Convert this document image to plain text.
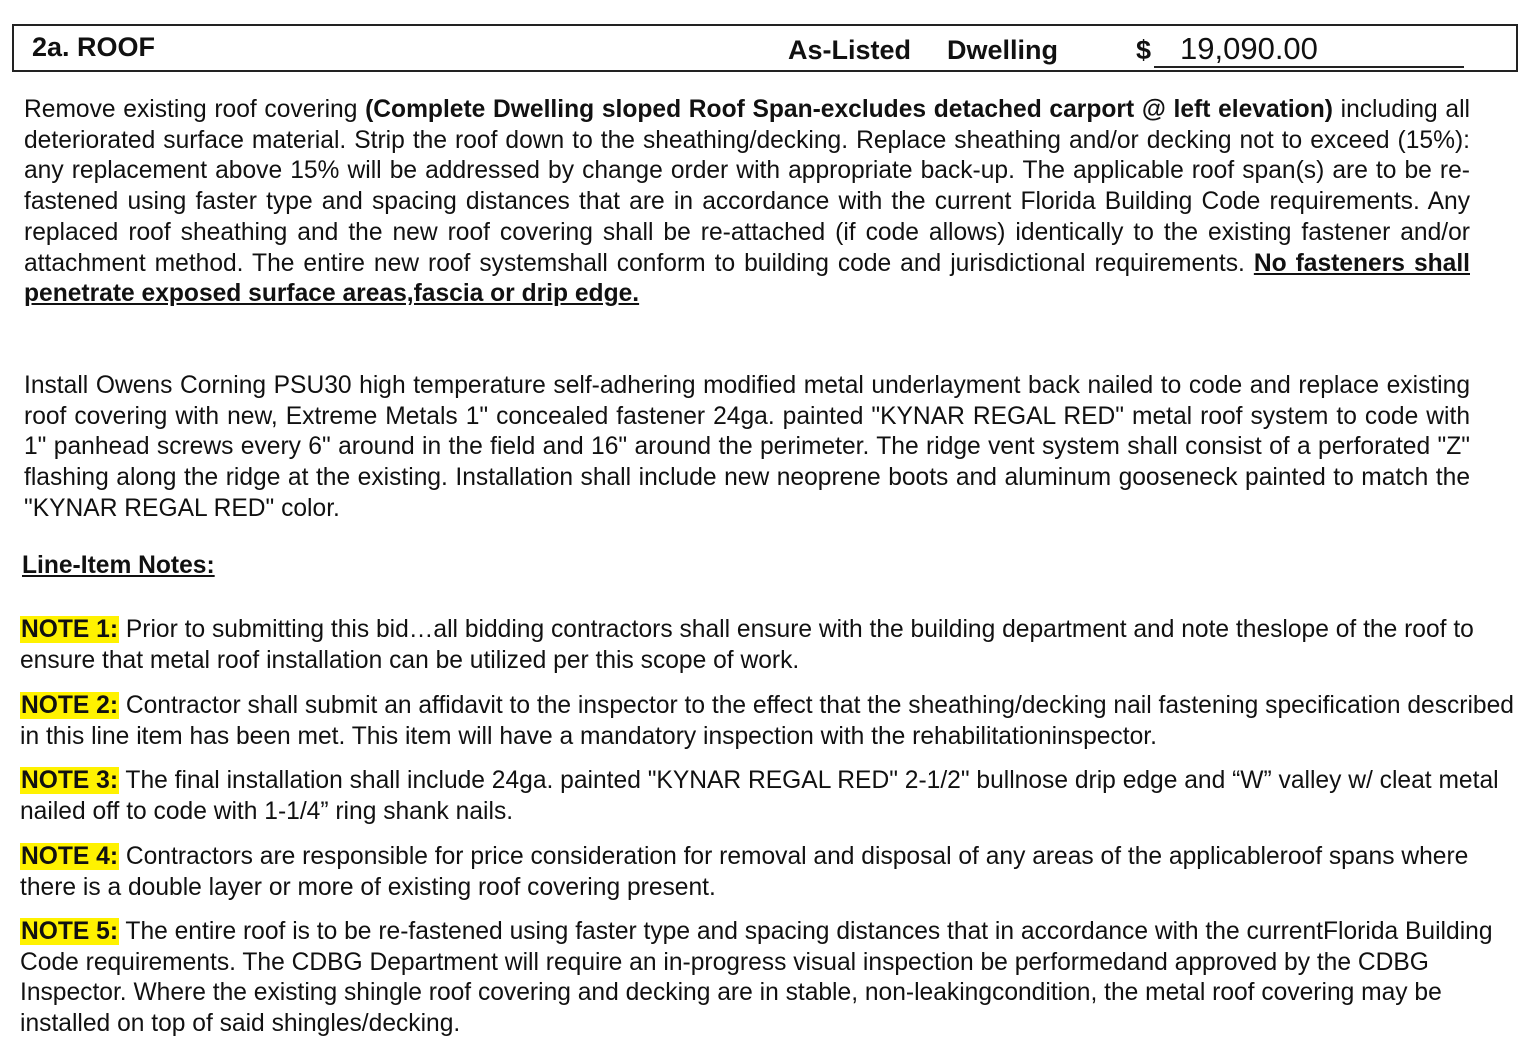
2a. ROOF	As-Listed Dwelling	$ 19,090.00

Remove existing roof covering (Complete Dwelling sloped Roof Span-excludes detached carport @ left elevation) including all deteriorated surface material. Strip the roof down to the sheathing/decking. Replace sheathing and/or decking not to exceed (15%): any replacement above 15% will be addressed by change order with appropriate back-up. The applicable roof span(s) are to be re-fastened using faster type and spacing distances that are in accordance with the current Florida Building Code requirements. Any replaced roof sheathing and the new roof covering shall be re-attached (if code allows) identically to the existing fastener and/or attachment method. The entire new roof systemshall conform to building code and jurisdictional requirements. No fasteners shall penetrate exposed surface areas,fascia or drip edge.

Install Owens Corning PSU30 high temperature self-adhering modified metal underlayment back nailed to code and replace existing roof covering with new, Extreme Metals 1" concealed fastener 24ga. painted "KYNAR REGAL RED" metal roof system to code with 1" panhead screws every 6" around in the field and 16" around the perimeter. The ridge vent system shall consist of a perforated "Z" flashing along the ridge at the existing. Installation shall include new neoprene boots and aluminum gooseneck painted to match the "KYNAR REGAL RED" color.

Line-Item Notes:

NOTE 1: Prior to submitting this bid…all bidding contractors shall ensure with the building department and note theslope of the roof to ensure that metal roof installation can be utilized per this scope of work.

NOTE 2: Contractor shall submit an affidavit to the inspector to the effect that the sheathing/decking nail fastening specification described in this line item has been met. This item will have a mandatory inspection with the rehabilitationinspector.

NOTE 3: The final installation shall include 24ga. painted "KYNAR REGAL RED" 2-1/2" bullnose drip edge and “W” valley w/ cleat metal nailed off to code with 1-1/4” ring shank nails.

NOTE 4: Contractors are responsible for price consideration for removal and disposal of any areas of the applicableroof spans where there is a double layer or more of existing roof covering present.

NOTE 5: The entire roof is to be re-fastened using faster type and spacing distances that in accordance with the currentFlorida Building Code requirements. The CDBG Department will require an in-progress visual inspection be performedand approved by the CDBG Inspector. Where the existing shingle roof covering and decking are in stable, non-leakingcondition, the metal roof covering may be installed on top of said shingles/decking.
